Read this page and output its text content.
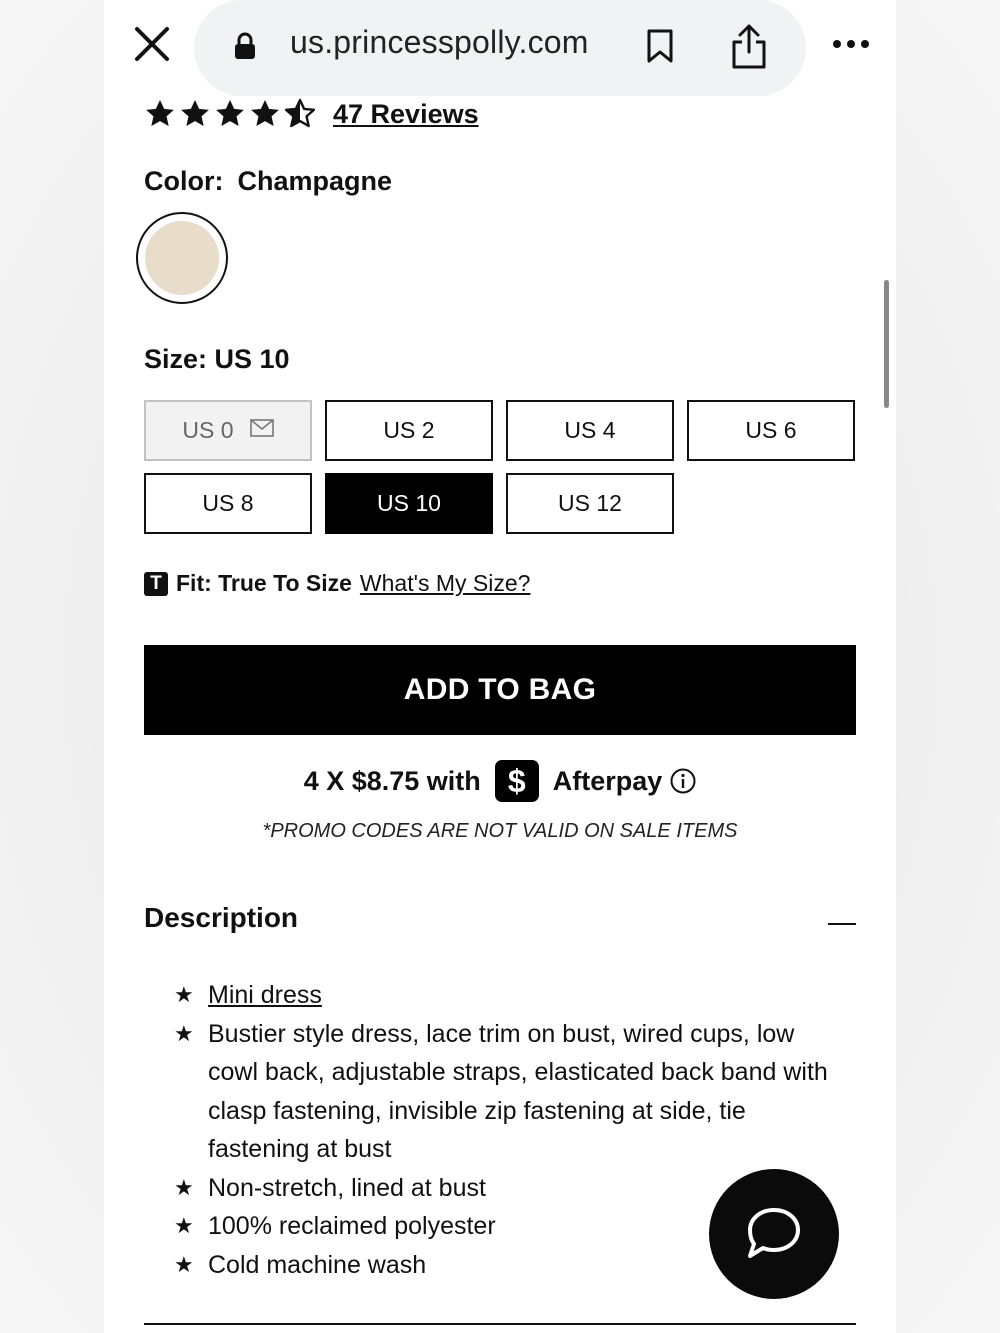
us.princesspolly.com
47 Reviews
Color: Champagne
Size: US 10
US 0	US 2	US 4	US 6
US 8	US 10	US 12
T Fit: True To Size What's My Size?
ADD TO BAG
4 X $8.75 with $	Afterpay
*PROMO CODES ARE NOT VALID ON SALE ITEMS
Description
★ Mini dress
★ Bustier style dress, lace trim on bust, wired cups, low cowl back, adjustable straps, elasticated back band with clasp fastening, invisible zip fastening at side, tie fastening at bust
★ Non-stretch, lined at bust
★ 100% reclaimed polyester
★ Cold machine wash
